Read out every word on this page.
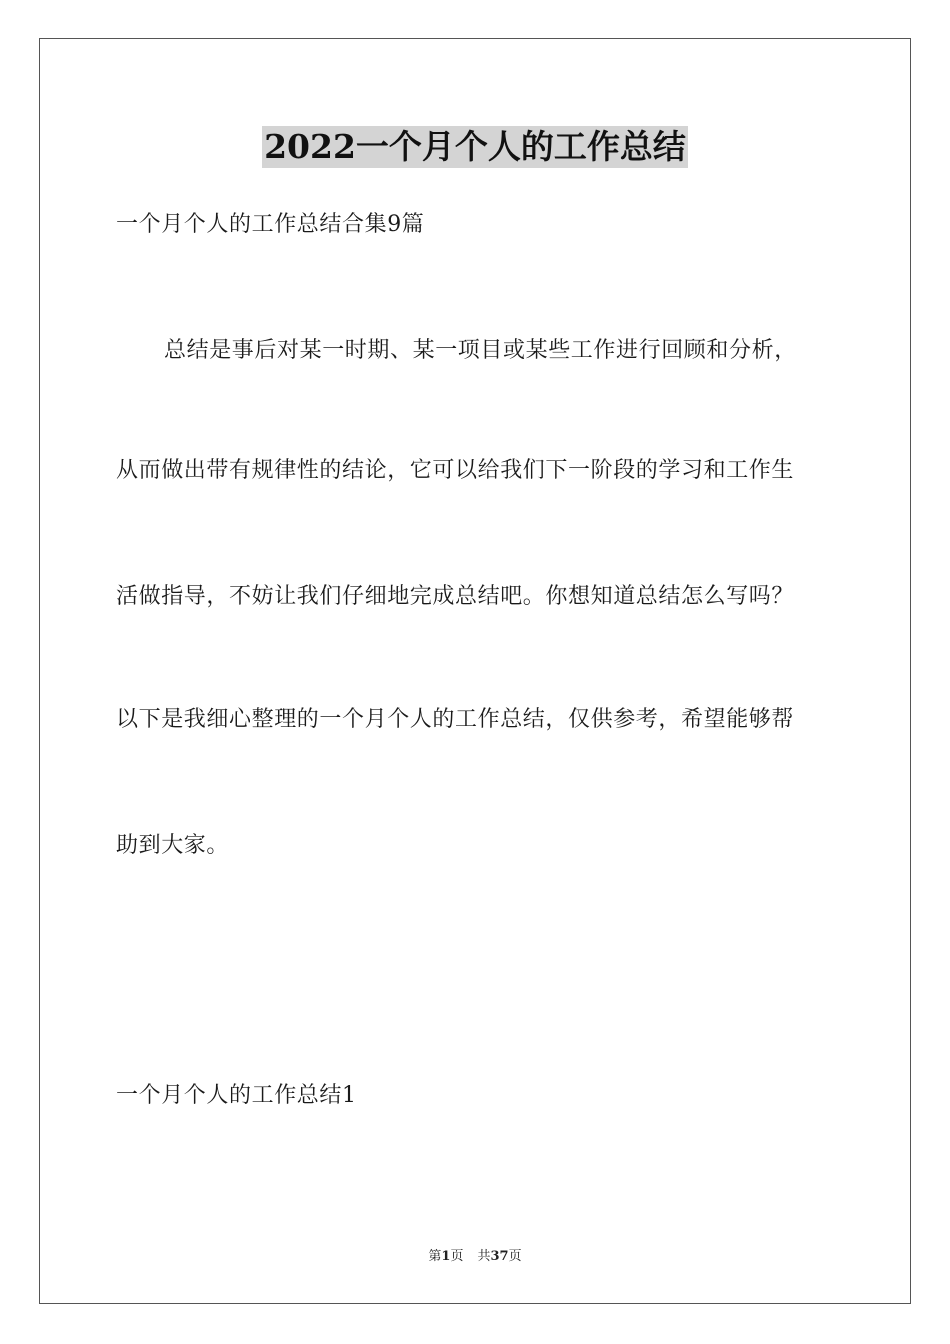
2022一个月个人的工作总结
一个月个人的工作总结合集9篇
总结是事后对某一时期、某一项目或某些工作进行回顾和分析，
从而做出带有规律性的结论，它可以给我们下一阶段的学习和工作生
活做指导，不妨让我们仔细地完成总结吧。你想知道总结怎么写吗？
以下是我细心整理的一个月个人的工作总结，仅供参考，希望能够帮
助到大家。
一个月个人的工作总结1
第1页 共37页
